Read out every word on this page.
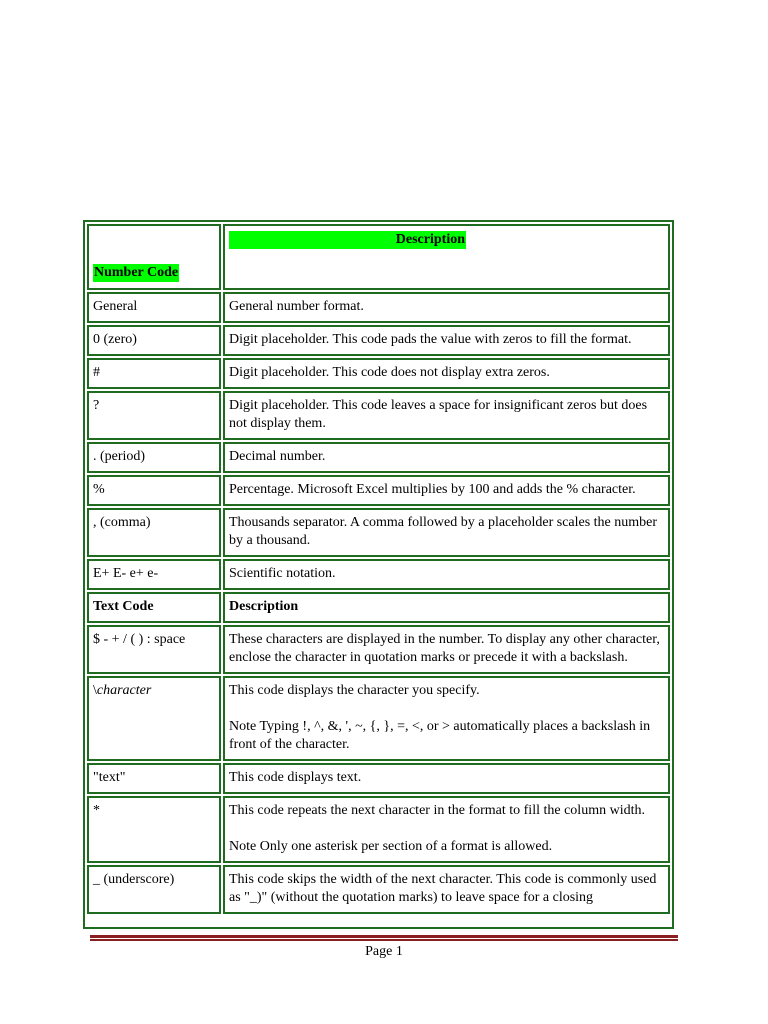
Number Code	Description

General	General number format.
0 (zero)	Digit placeholder. This code pads the value with zeros to fill the format.
#	Digit placeholder. This code does not display extra zeros.
?	Digit placeholder. This code leaves a space for insignificant zeros but does not display them.
. (period)	Decimal number.
%	Percentage. Microsoft Excel multiplies by 100 and adds the % character.
, (comma)	Thousands separator. A comma followed by a placeholder scales the number by a thousand.
E+ E- e+ e-	Scientific notation.
Text Code	Description
$ - + / ( ) : space	These characters are displayed in the number. To display any other character, enclose the character in quotation marks or precede it with a backslash.
\character	This code displays the character you specify.
Note Typing !, ^, &, ', ~, {, }, =, <, or > automatically places a backslash in front of the character.

"text"	This code displays text.
*	This code repeats the next character in the format to fill the column width.
Note Only one asterisk per section of a format is allowed.

_ (underscore)	This code skips the width of the next character. This code is commonly used as "_)" (without the quotation marks) to leave space for a closing
Page 1
